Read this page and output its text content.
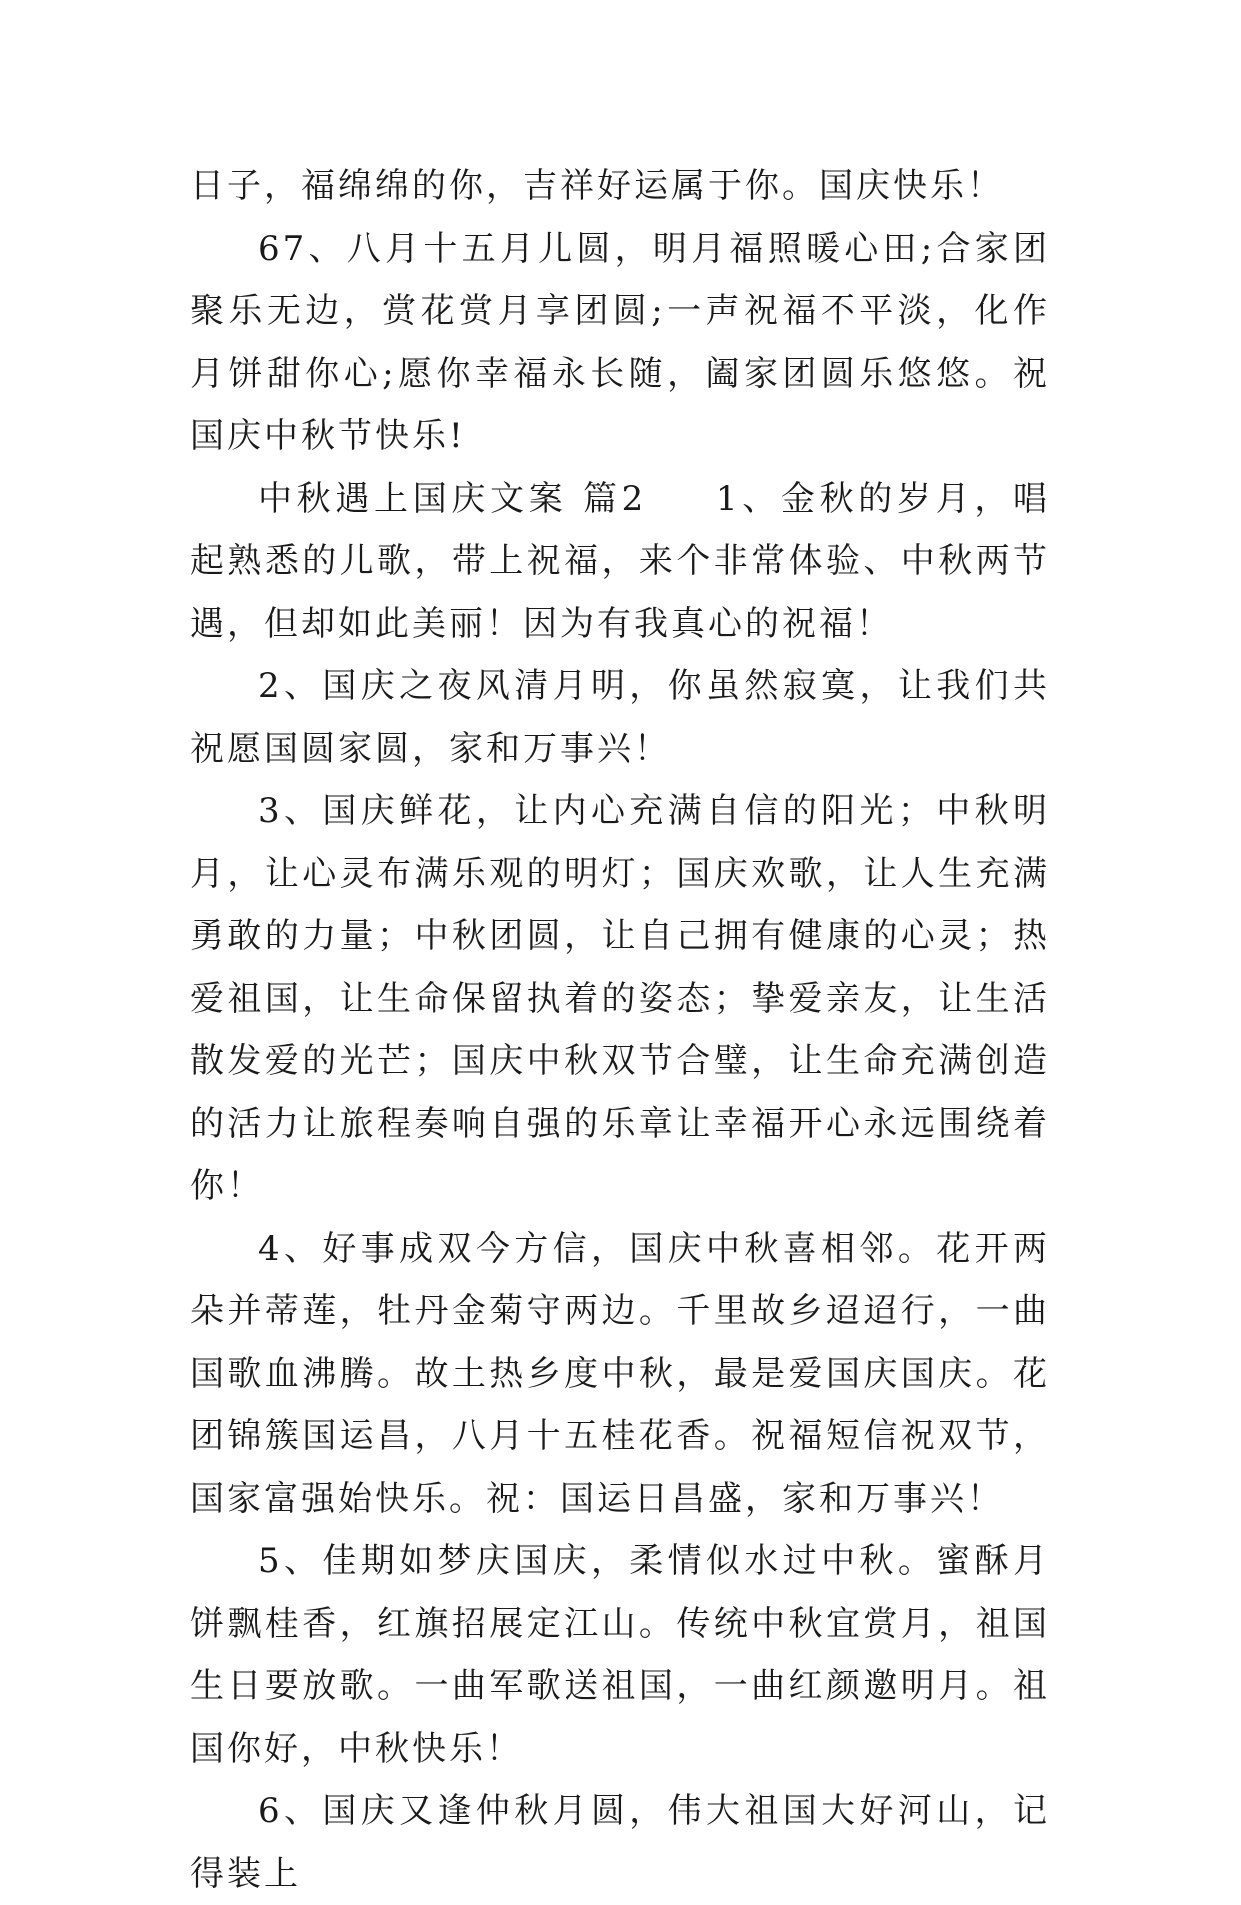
日子，福绵绵的你，吉祥好运属于你。国庆快乐！

67、八月十五月儿圆，明月福照暖心田;合家团聚乐无边，赏花赏月享团圆;一声祝福不平淡，化作月饼甜你心;愿你幸福永长随，阖家团圆乐悠悠。祝国庆中秋节快乐!

中秋遇上国庆文案 篇2 　 1、金秋的岁月，唱起熟悉的儿歌，带上祝福，来个非常体验、中秋两节遇，但却如此美丽！因为有我真心的祝福！

2、国庆之夜风清月明，你虽然寂寞，让我们共祝愿国圆家圆，家和万事兴！

3、国庆鲜花，让内心充满自信的阳光；中秋明月，让心灵布满乐观的明灯；国庆欢歌，让人生充满勇敢的力量；中秋团圆，让自己拥有健康的心灵；热爱祖国，让生命保留执着的姿态；挚爱亲友，让生活散发爱的光芒；国庆中秋双节合璧，让生命充满创造的活力让旅程奏响自强的乐章让幸福开心永远围绕着你！

4、好事成双今方信，国庆中秋喜相邻。花开两朵并蒂莲，牡丹金菊守两边。千里故乡迢迢行，一曲国歌血沸腾。故土热乡度中秋，最是爱国庆国庆。花团锦簇国运昌，八月十五桂花香。祝福短信祝双节，国家富强始快乐。祝：国运日昌盛，家和万事兴！

5、佳期如梦庆国庆，柔情似水过中秋。蜜酥月饼飘桂香，红旗招展定江山。传统中秋宜赏月，祖国生日要放歌。一曲军歌送祖国，一曲红颜邀明月。祖国你好，中秋快乐！

6、国庆又逢仲秋月圆，伟大祖国大好河山，记得装上
